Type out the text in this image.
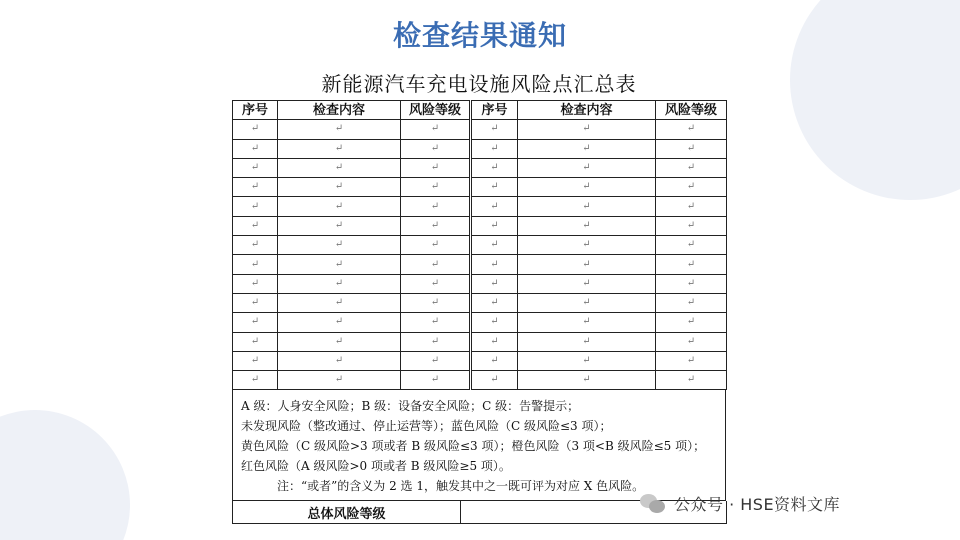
检查结果通知
新能源汽车充电设施风险点汇总表
序号	检查内容	风险等级	序号	检查内容	风险等级
↵	↵	↵	↵	↵	↵
↵	↵	↵	↵	↵	↵
↵	↵	↵	↵	↵	↵
↵	↵	↵	↵	↵	↵
↵	↵	↵	↵	↵	↵
↵	↵	↵	↵	↵	↵
↵	↵	↵	↵	↵	↵
↵	↵	↵	↵	↵	↵
↵	↵	↵	↵	↵	↵
↵	↵	↵	↵	↵	↵
↵	↵	↵	↵	↵	↵
↵	↵	↵	↵	↵	↵
↵	↵	↵	↵	↵	↵
↵	↵	↵	↵	↵	↵
A 级：人身安全风险；B 级：设备安全风险；C 级：告警提示；
未发现风险（整改通过、停止运营等）；蓝色风险（C 级风险≤3 项）；
黄色风险（C 级风险>3 项或者 B 级风险≤3 项）；橙色风险（3 项<B 级风险≤5 项）；
红色风险（A 级风险>0 项或者 B 级风险≥5 项）。
注：“或者”的含义为 2 选 1，触发其中之一既可评为对应 X 色风险。
总体风险等级	
公众号 · HSE资料文库
